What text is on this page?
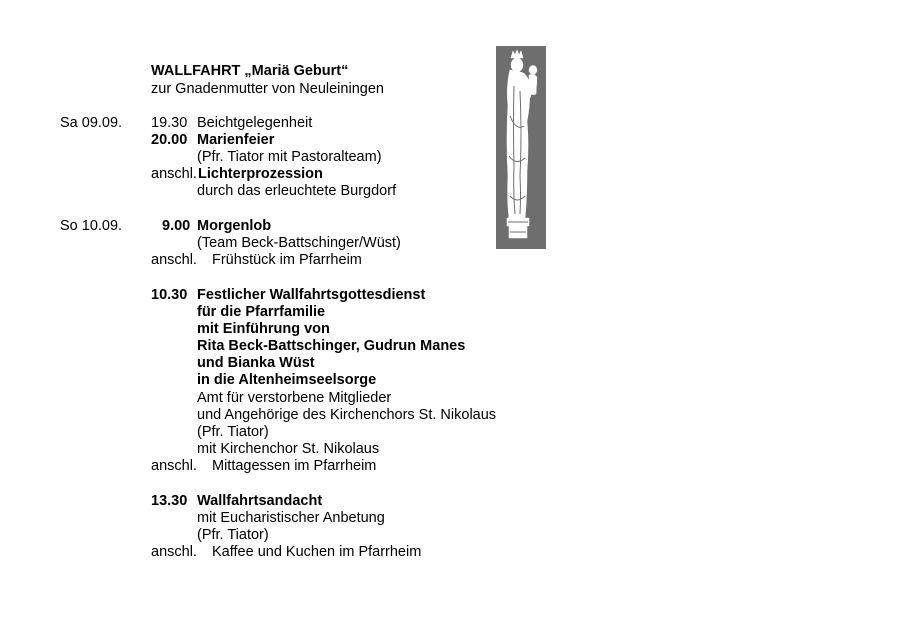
WALLFAHRT „Mariä Geburt“
zur Gnadenmutter von Neuleiningen
Sa 09.09. 19.30 Beichtgelegenheit
20.00 Marienfeier
(Pfr. Tiator mit Pastoralteam)
anschl. Lichterprozession
durch das erleuchtete Burgdorf
So 10.09.	9.00 Morgenlob
(Team Beck-Battschinger/Wüst)
anschl. Frühstück im Pfarrheim
10.30 Festlicher Wallfahrtsgottesdienst
für die Pfarrfamilie
mit Einführung von
Rita Beck-Battschinger, Gudrun Manes
und Bianka Wüst
in die Altenheimseelsorge
Amt für verstorbene Mitglieder
und Angehörige des Kirchenchors St. Nikolaus
(Pfr. Tiator)
mit Kirchenchor St. Nikolaus
anschl. Mittagessen im Pfarrheim
13.30 Wallfahrtsandacht
mit Eucharistischer Anbetung
(Pfr. Tiator)
anschl. Kaffee und Kuchen im Pfarrheim
